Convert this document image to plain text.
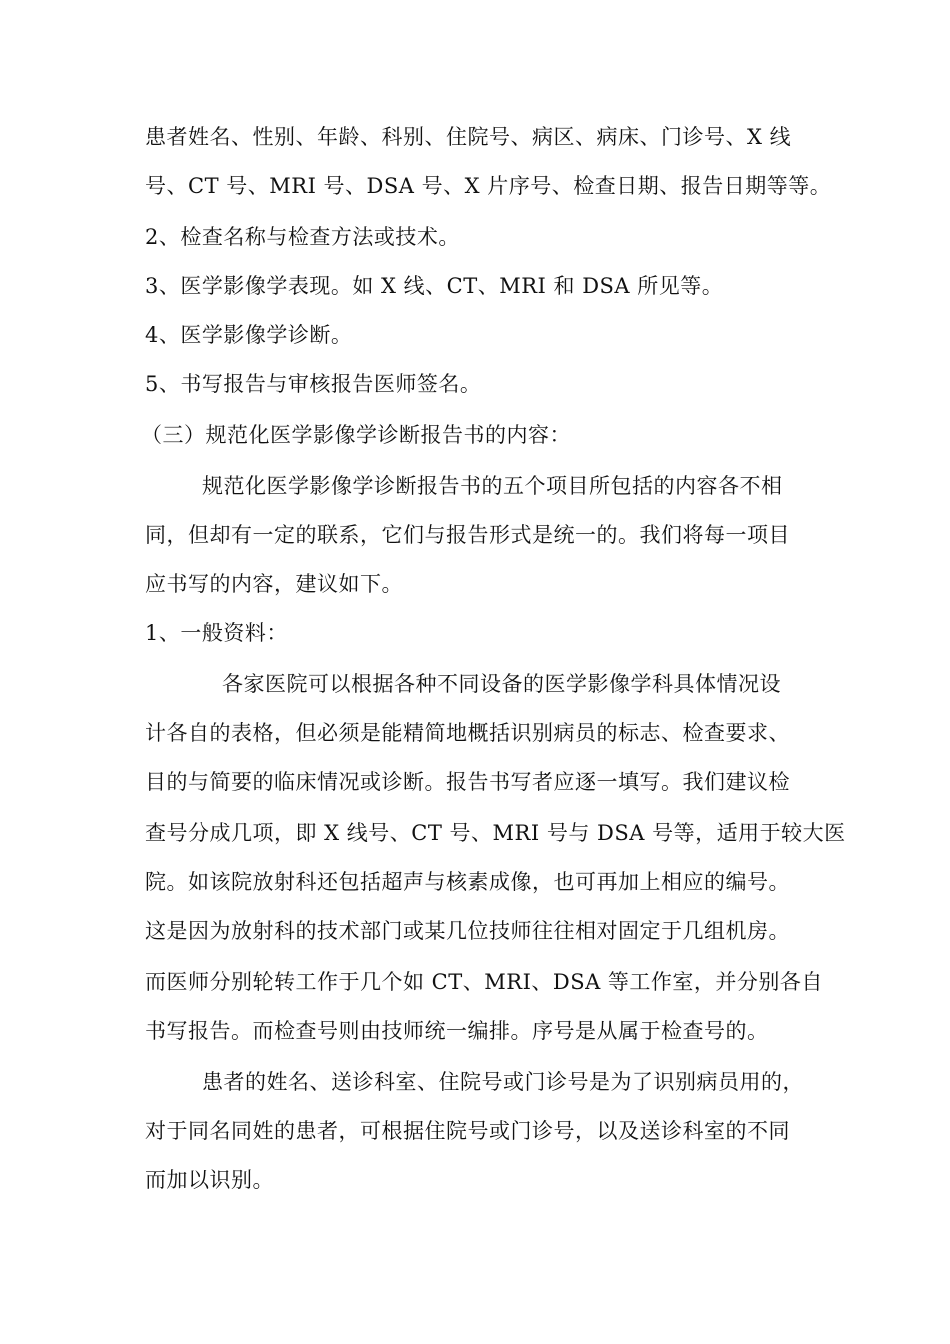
患者姓名、性别、年龄、科别、住院号、病区、病床、门诊号、X 线
号、CT 号、MRI 号、DSA 号、X 片序号、检查日期、报告日期等等。
2、检查名称与检查方法或技术。
3、医学影像学表现。如 X 线、CT、MRI 和 DSA 所见等。
4、医学影像学诊断。
5、书写报告与审核报告医师签名。
（三）规范化医学影像学诊断报告书的内容：
规范化医学影像学诊断报告书的五个项目所包括的内容各不相
同，但却有一定的联系，它们与报告形式是统一的。我们将每一项目
应书写的内容，建议如下。
1、一般资料：
各家医院可以根据各种不同设备的医学影像学科具体情况设
计各自的表格，但必须是能精简地概括识别病员的标志、检查要求、
目的与简要的临床情况或诊断。报告书写者应逐一填写。我们建议检
查号分成几项，即 X 线号、CT 号、MRI 号与 DSA 号等，适用于较大医
院。如该院放射科还包括超声与核素成像，也可再加上相应的编号。
这是因为放射科的技术部门或某几位技师往往相对固定于几组机房。
而医师分别轮转工作于几个如 CT、MRI、DSA 等工作室，并分别各自
书写报告。而检查号则由技师统一编排。序号是从属于检查号的。
患者的姓名、送诊科室、住院号或门诊号是为了识别病员用的，
对于同名同姓的患者，可根据住院号或门诊号，以及送诊科室的不同
而加以识别。
